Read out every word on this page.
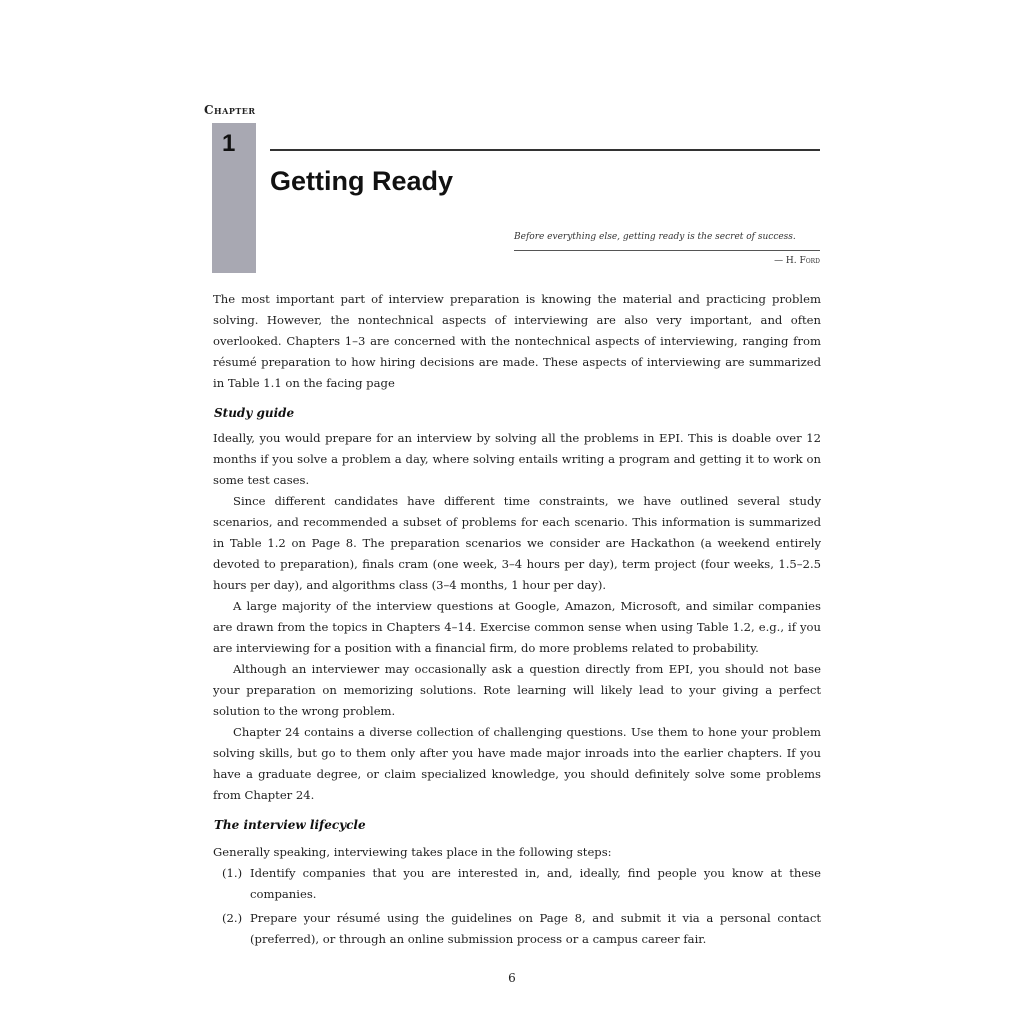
Chapter
1
Getting Ready
Before everything else, getting ready is the secret of success.
— H. Ford

The most important part of interview preparation is knowing the material and practicing problem solving. However, the nontechnical aspects of interviewing are also very important, and often overlooked. Chapters 1–3 are concerned with the nontechnical aspects of interviewing, ranging from résumé preparation to how hiring decisions are made. These aspects of interviewing are summarized in Table 1.1 on the facing page

Study guide

Ideally, you would prepare for an interview by solving all the problems in EPI. This is doable over 12 months if you solve a problem a day, where solving entails writing a program and getting it to work on some test cases.

Since different candidates have different time constraints, we have outlined several study scenarios, and recommended a subset of problems for each scenario. This information is summarized in Table 1.2 on Page 8. The preparation scenarios we consider are Hackathon (a weekend entirely devoted to preparation), finals cram (one week, 3–4 hours per day), term project (four weeks, 1.5–2.5 hours per day), and algorithms class (3–4 months, 1 hour per day).

A large majority of the interview questions at Google, Amazon, Microsoft, and similar companies are drawn from the topics in Chapters 4–14. Exercise common sense when using Table 1.2, e.g., if you are interviewing for a position with a financial firm, do more problems related to probability.

Although an interviewer may occasionally ask a question directly from EPI, you should not base your preparation on memorizing solutions. Rote learning will likely lead to your giving a perfect solution to the wrong problem.

Chapter 24 contains a diverse collection of challenging questions. Use them to hone your problem solving skills, but go to them only after you have made major inroads into the earlier chapters. If you have a graduate degree, or claim specialized knowledge, you should definitely solve some problems from Chapter 24.

The interview lifecycle

Generally speaking, interviewing takes place in the following steps:

(1.) Identify companies that you are interested in, and, ideally, find people you know at these companies.
(2.) Prepare your résumé using the guidelines on Page 8, and submit it via a personal contact (preferred), or through an online submission process or a campus career fair.
6
